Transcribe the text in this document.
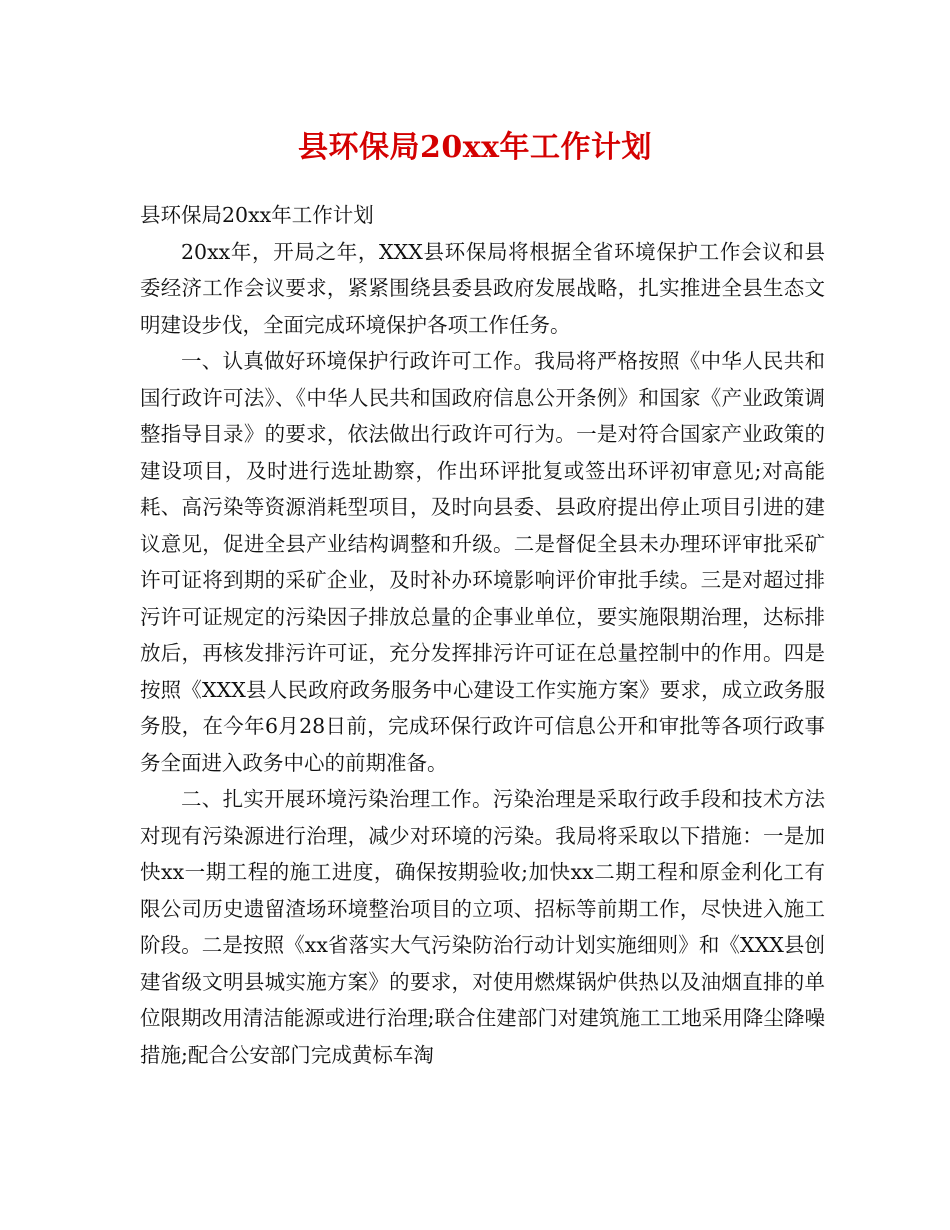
县环保局20xx年工作计划

县环保局20xx年工作计划

20xx年，开局之年，XXX县环保局将根据全省环境保护工作会议和县委经济工作会议要求，紧紧围绕县委县政府发展战略，扎实推进全县生态文明建设步伐，全面完成环境保护各项工作任务。

一、认真做好环境保护行政许可工作。我局将严格按照《中华人民共和国行政许可法》、《中华人民共和国政府信息公开条例》和国家《产业政策调整指导目录》的要求，依法做出行政许可行为。一是对符合国家产业政策的建设项目，及时进行选址勘察，作出环评批复或签出环评初审意见;对高能耗、高污染等资源消耗型项目，及时向县委、县政府提出停止项目引进的建议意见，促进全县产业结构调整和升级。二是督促全县未办理环评审批采矿许可证将到期的采矿企业，及时补办环境影响评价审批手续。三是对超过排污许可证规定的污染因子排放总量的企事业单位，要实施限期治理，达标排放后，再核发排污许可证，充分发挥排污许可证在总量控制中的作用。四是按照《XXX县人民政府政务服务中心建设工作实施方案》要求，成立政务服务股，在今年6月28日前，完成环保行政许可信息公开和审批等各项行政事务全面进入政务中心的前期准备。

二、扎实开展环境污染治理工作。污染治理是采取行政手段和技术方法对现有污染源进行治理，减少对环境的污染。我局将采取以下措施：一是加快xx一期工程的施工进度，确保按期验收;加快xx二期工程和原金利化工有限公司历史遗留渣场环境整治项目的立项、招标等前期工作，尽快进入施工阶段。二是按照《xx省落实大气污染防治行动计划实施细则》和《XXX县创建省级文明县城实施方案》的要求，对使用燃煤锅炉供热以及油烟直排的单位限期改用清洁能源或进行治理;联合住建部门对建筑施工工地采用降尘降噪措施;配合公安部门完成黄标车淘
